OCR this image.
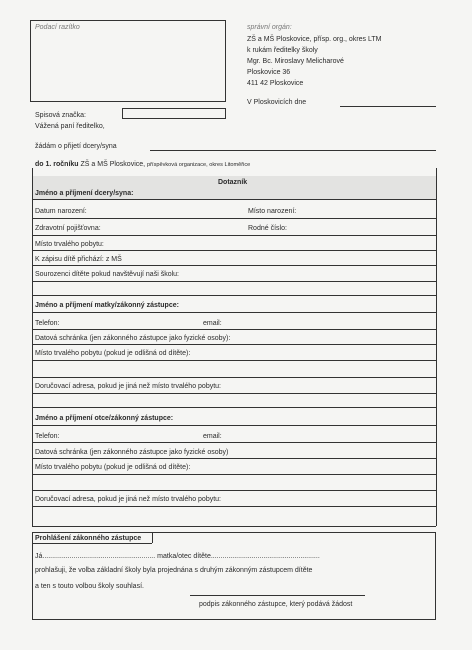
Podací razítko	správní orgán:
ZŠ a MŠ Ploskovice, přísp. org., okres LTM
k rukám ředitelky školy
Mgr. Bc. Miroslavy Melicharové
Ploskovice 36
411 42 Ploskovice
V Ploskovicích dne
Spisová značka:
Vážená paní ředitelko,
žádám o přijetí dcery/syna
do 1. ročníku ZŠ a MŠ Ploskovice, příspěvková organizace, okres Litoměřice
Dotazník
Jméno a příjmení dcery/syna:
Datum narození:	Místo narození:
Zdravotní pojišťovna:	Rodné číslo:
Místo trvalého pobytu:
K zápisu dítě přichází: z MŠ
Sourozenci dítěte pokud navštěvují naši školu:
Jméno a příjmení matky/zákonný zástupce:
Telefon:	email:
Datová schránka (jen zákonného zástupce jako fyzické osoby):
Místo trvalého pobytu (pokud je odlišná od dítěte):
Doručovací adresa, pokud je jiná než místo trvalého pobytu:
Jméno a příjmení otce/zákonný zástupce:
Telefon:	email:
Datová schránka (jen zákonného zástupce jako fyzické osoby)
Místo trvalého pobytu (pokud je odlišná od dítěte):
Doručovací adresa, pokud je jiná než místo trvalého pobytu:
Prohlášení zákonného zástupce
Já.......................................................... matka/otec dítěte........................................................
prohlašuji, že volba základní školy byla projednána s druhým zákonným zástupcem dítěte
a ten s touto volbou školy souhlasí.
podpis zákonného zástupce, který podává žádost
